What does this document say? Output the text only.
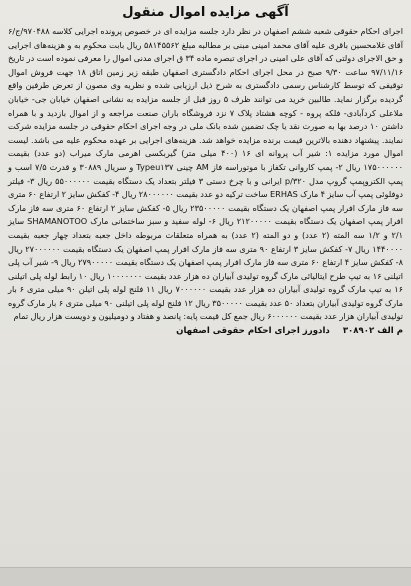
آگهی مزایده اموال منقول
اجرای احکام حقوقی شعبه ششم اصفهان در نظر دارد جلسه مزایده ای در خصوص پرونده اجرایی کلاسه ۹۷۰۴۸۸/ج/۶ آقای غلامحسین باقری علیه آقای محمد امینی مبنی بر مطالبه مبلغ ۵۸۱۴۵۵۶۲ ریال بابت محکوم به و هزینه‌های اجرایی و حق الاجرای دولتی که آقای علی امینی در اجرای تبصره ماده ۳۴ ق اجرای مدنی اموال را معرفی نموده است در تاریخ ۹۷/۱۱/۱۶ ساعت ۹/۳۰ صبح در محل اجرای احکام دادگستری اصفهان طبقه زیر زمین اتاق ۱۸ جهت فروش اموال توقیفی که توسط کارشناس رسمی دادگستری به شرح ذیل ارزیابی شده و نظریه وی مصون از تعرض طرفین واقع گردیده برگزار نماید. طالبین خرید می توانند ظرف ۵ روز قبل از جلسه مزایده به نشانی اصفهان خیابان جی- خیابان ملاعلی کردآبادی- فلکه پروه - کوچه هشتاد پلاک ۷ نزد فروشگاه باران صنعت مراجعه و از اموال بازدید و با همراه داشتن ۱۰ درصد بها به صورت نقد یا چک تضمین شده بانک ملی در وجه اجرای احکام حقوقی در جلسه مزایده شرکت نمایند. پیشنهاد دهنده بالاترین قیمت برنده مزایده خواهد شد. هزینه‌های اجرایی بر عهده محکوم علیه می باشد. لیست اموال مورد مزایده ۱: شیر آب پروانه ای ۱۶ (۴۰۰ میلی متر) گیربکسی اهرمی مارک میراب (دو عدد) بقیمت ۱۷۵۰۰۰۰۰۰ ریال ۲- پمپ کاروانی تکفاز با موتوراسه فاز AM چینی Typeu۱۳۷ و سریال ۳۰۸۸۹ و قدرت ۷/۵ اسب و پمپ الکتروپمپ گروپ مدل ۳۲۰/p ایرانی و با چرخ دستی ۳ فیلتر بتعداد یک دستگاه بقیمت ۵۵۰۰۰۰۰۰ ریال ۳- فیلتر دوفلوئی پمپ آب سایز ۴ مارک ERHAS ساخت ترکیه دو عدد بقیمت ۲۸۰۰۰۰۰۰ ریال ۴- کفکش سایز ۲ ارتفاع ۶۰ متری سه فاز مارک افرار پمپ اصفهان یک دستگاه بقیمت ۲۳۵۰۰۰۰۰ ریال ۵- کفکش سایز ۲ ارتفاع ۶۰ متری سه فاز مارک افرار پمپ اصفهان یک دستگاه بقیمت ۲۱۲۰۰۰۰۰ ریال ۶- لوله سفید و سبز ساختمانی مارک SHAMANOTOO سایز ۲/۱ و ۱/۲ سه المته (۲ عدد) و دو المته (۲ عدد) به همراه متعلقات مربوطه داخل جعبه بتعداد چهار جعبه بقیمت ۱۴۴۰۰۰۰ ریال ۷- کفکش سایز ۳ ارتفاع ۹۰ متری سه فاز مارک افرار پمپ اصفهان یک دستگاه بقیمت ۲۷۰۰۰۰۰۰ ریال ۸- کفکش سایز ۴ ارتفاع ۶۰ متری سه فاز مارک افرار پمپ اصفهان یک دستگاه بقیمت ۲۷۹۰۰۰۰۰ ریال ۹- شیر آب پلی اتیلنی ۱۶ به تیپ طرح ایتالیائی مارک گروه تولیدی آبیاران ده هزار عدد بقیمت ۱۰۰۰۰۰۰۰ ریال ۱۰ رابط لوله پلی اتیلنی ۱۶ به تیپ مارک گروه تولیدی آبیاران ده هزار عدد بقیمت ۷۰۰۰۰۰۰ ریال ۱۱ فلنج لوله پلی اتیلن ۹۰ میلی متری ۶ بار مارک گروه تولیدی آبیاران بتعداد ۵۰ عدد بقیمت ۳۵۰۰۰۰۰ ریال ۱۲ فلنج لوله پلی اتیلنی ۹۰ میلی متری ۶ بار مارک گروه تولیدی آبیاران هزار عدد بقیمت ۶۰۰۰۰۰۰ ریال جمع کل قیمت پایه: پانصد و هفتاد و دومیلیون و دویست هزار ریال تمام
م الف ۳۰۸۹۰۲ دادورز اجرای احکام حقوقی اصفهان
